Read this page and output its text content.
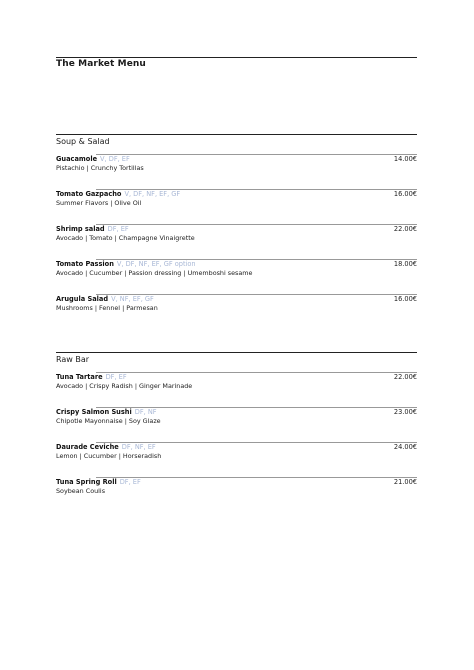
The Market Menu
Soup & Salad
Guacamole V, DF, EF	14.00€
Pistachio | Crunchy Tortillas
Tomato Gazpacho V, DF, NF, EF, GF	16.00€
Summer Flavors | Olive Oil
Shrimp salad DF, EF	22.00€
Avocado | Tomato | Champagne Vinaigrette
Tomato Passion V, DF, NF, EF, GF option	18.00€
Avocado | Cucumber | Passion dressing | Umemboshi sesame
Arugula Salad V, NF, EF, GF	16.00€
Mushrooms | Fennel | Parmesan
Raw Bar
Tuna Tartare DF, EF	22.00€
Avocado | Crispy Radish | Ginger Marinade
Crispy Salmon Sushi DF, NF	23.00€
Chipotle Mayonnaise | Soy Glaze
Daurade Ceviche DF, NF, EF	24.00€
Lemon | Cucumber | Horseradish
Tuna Spring Roll DF, EF	21.00€
Soybean Coulis
